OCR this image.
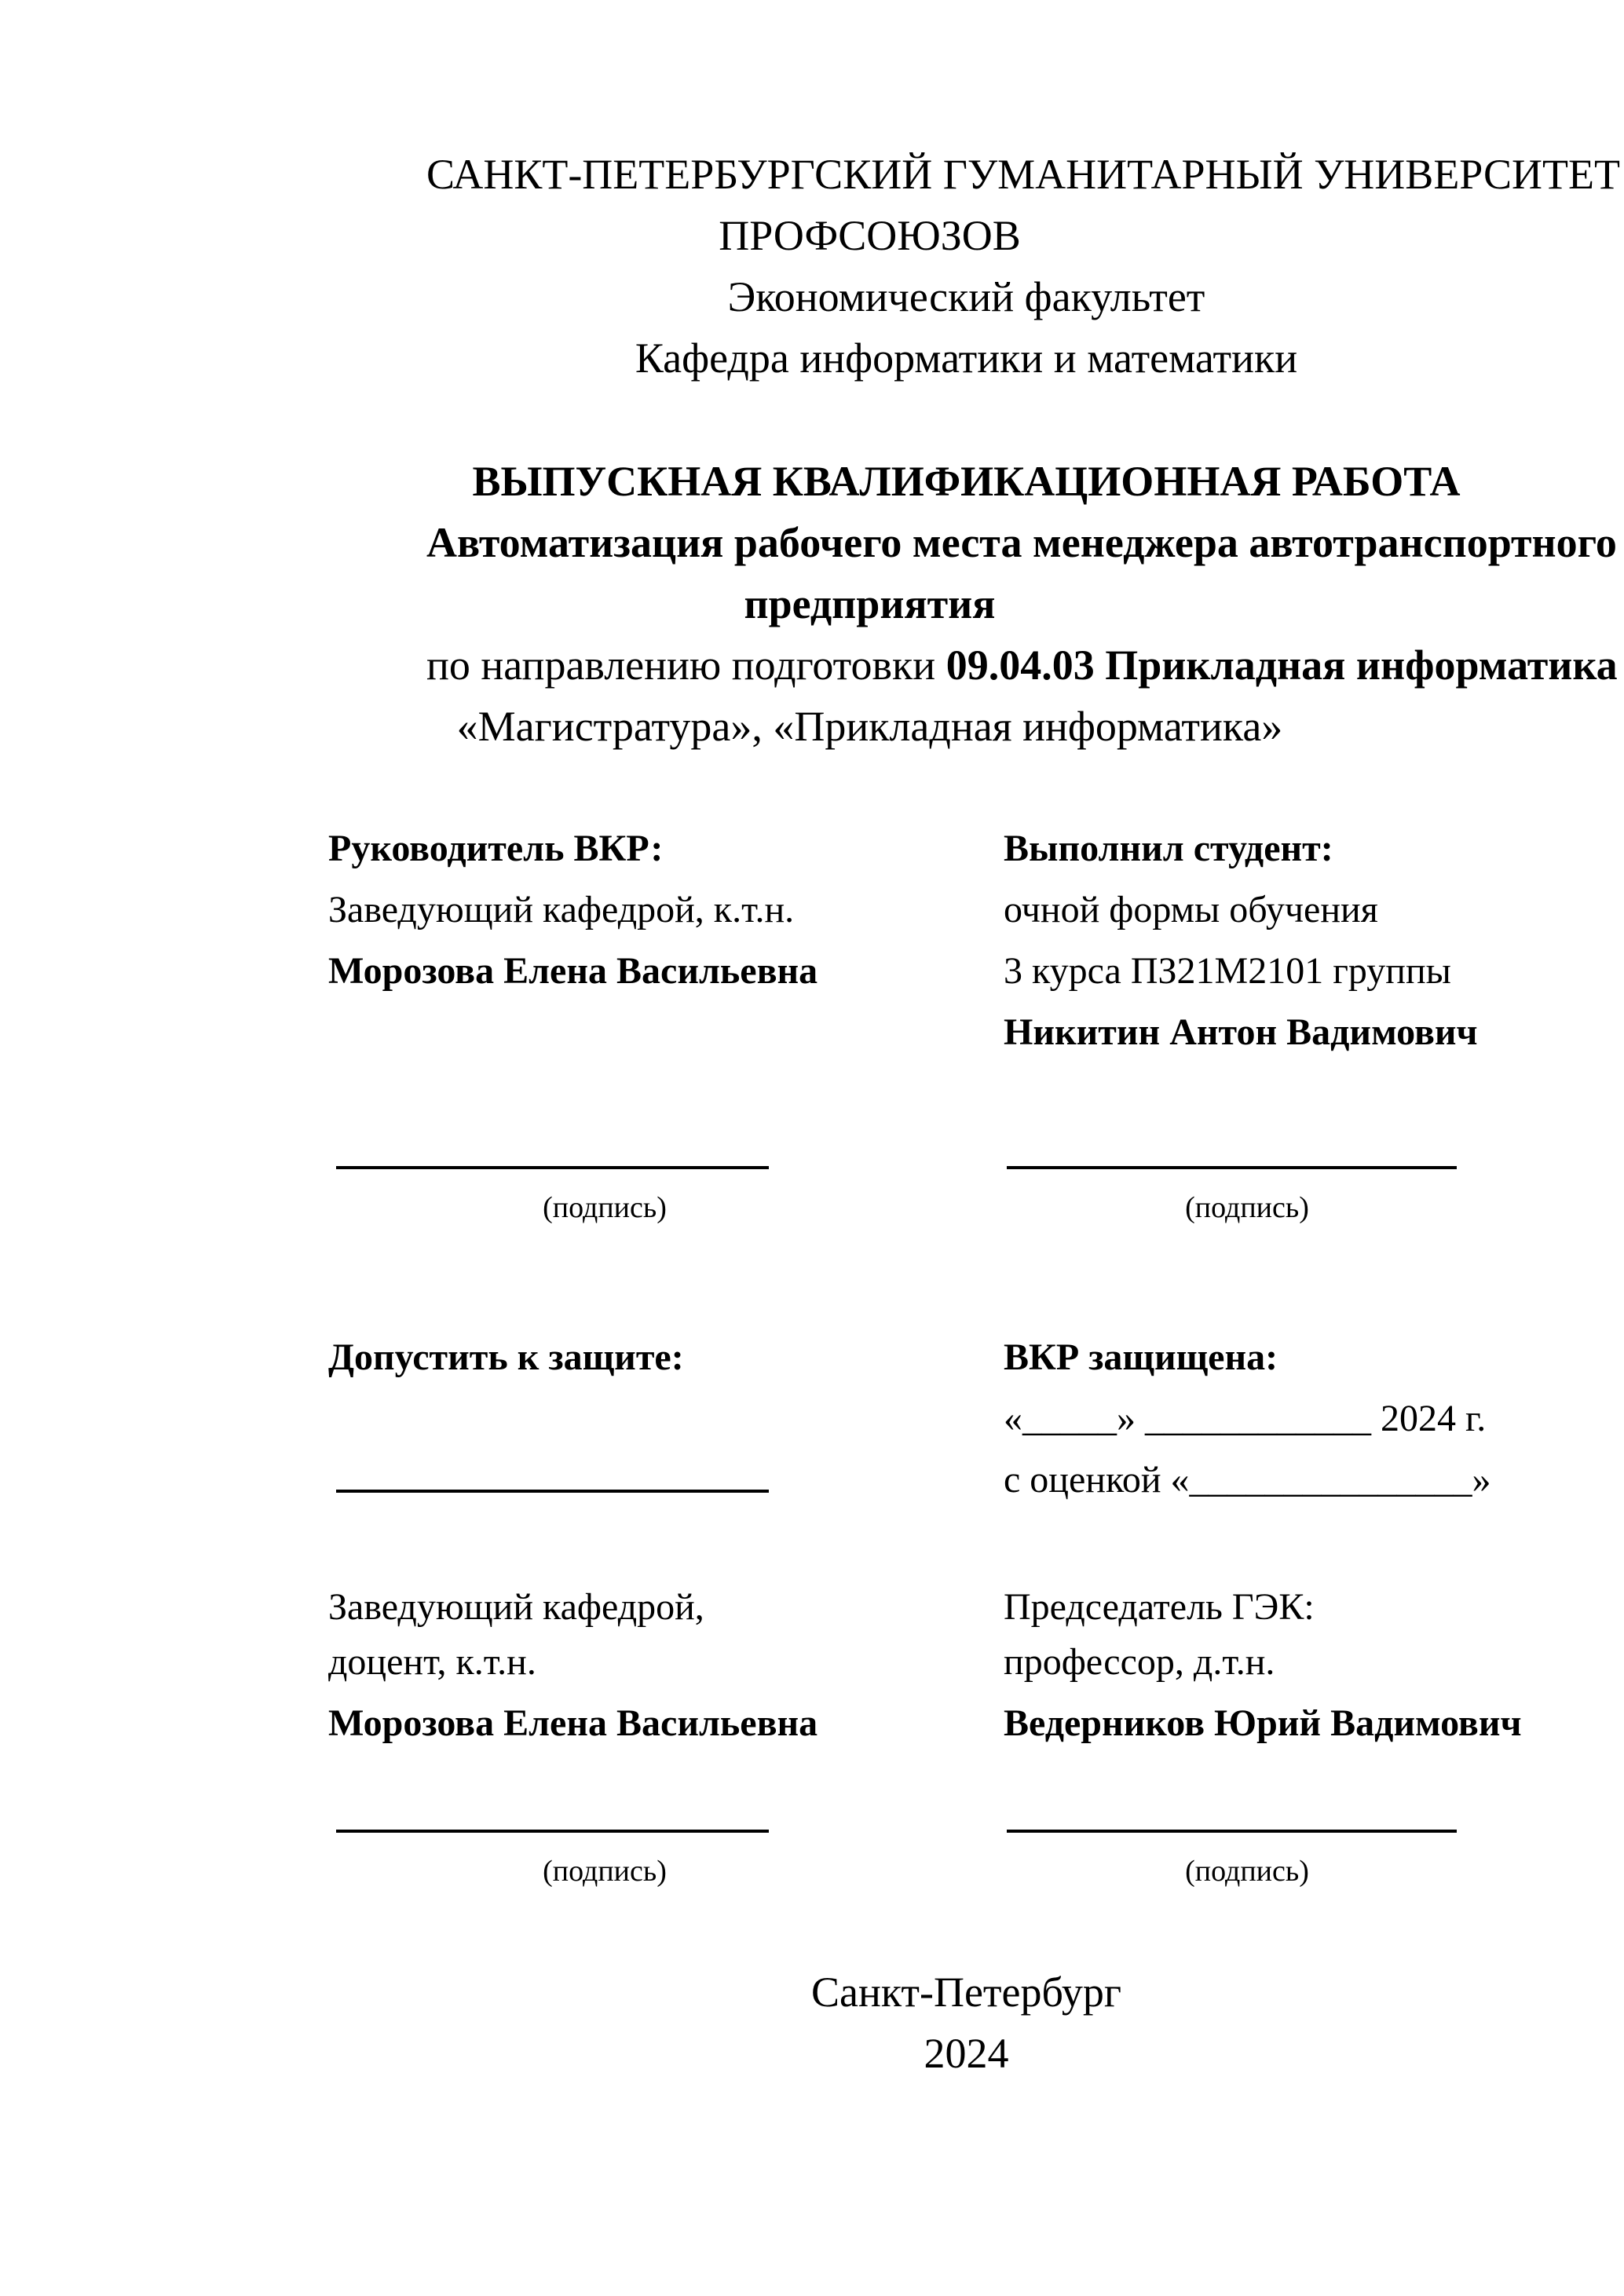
САНКТ-ПЕТЕРБУРГСКИЙ ГУМАНИТАРНЫЙ УНИВЕРСИТЕТ
ПРОФСОЮЗОВ
Экономический факультет
Кафедра информатики и математики
ВЫПУСКНАЯ КВАЛИФИКАЦИОННАЯ РАБОТА
Автоматизация рабочего места менеджера автотранспортного
предприятия
по направлению подготовки 09.04.03 Прикладная информатика
«Магистратура», «Прикладная информатика»
Руководитель ВКР:	Выполнил студент:
Заведующий кафедрой, к.т.н.	очной формы обучения
Морозова Елена Васильевна	3 курса ПЗ21М2101 группы
Никитин Антон Вадимович
(подпись)	(подпись)
Допустить к защите:	ВКР защищена:
«_____» ____________ 2024 г.
с оценкой «_______________»
Заведующий кафедрой,	Председатель ГЭК:
доцент, к.т.н.	профессор, д.т.н.
Морозова Елена Васильевна	Ведерников Юрий Вадимович
(подпись)	(подпись)
Санкт-Петербург
2024
